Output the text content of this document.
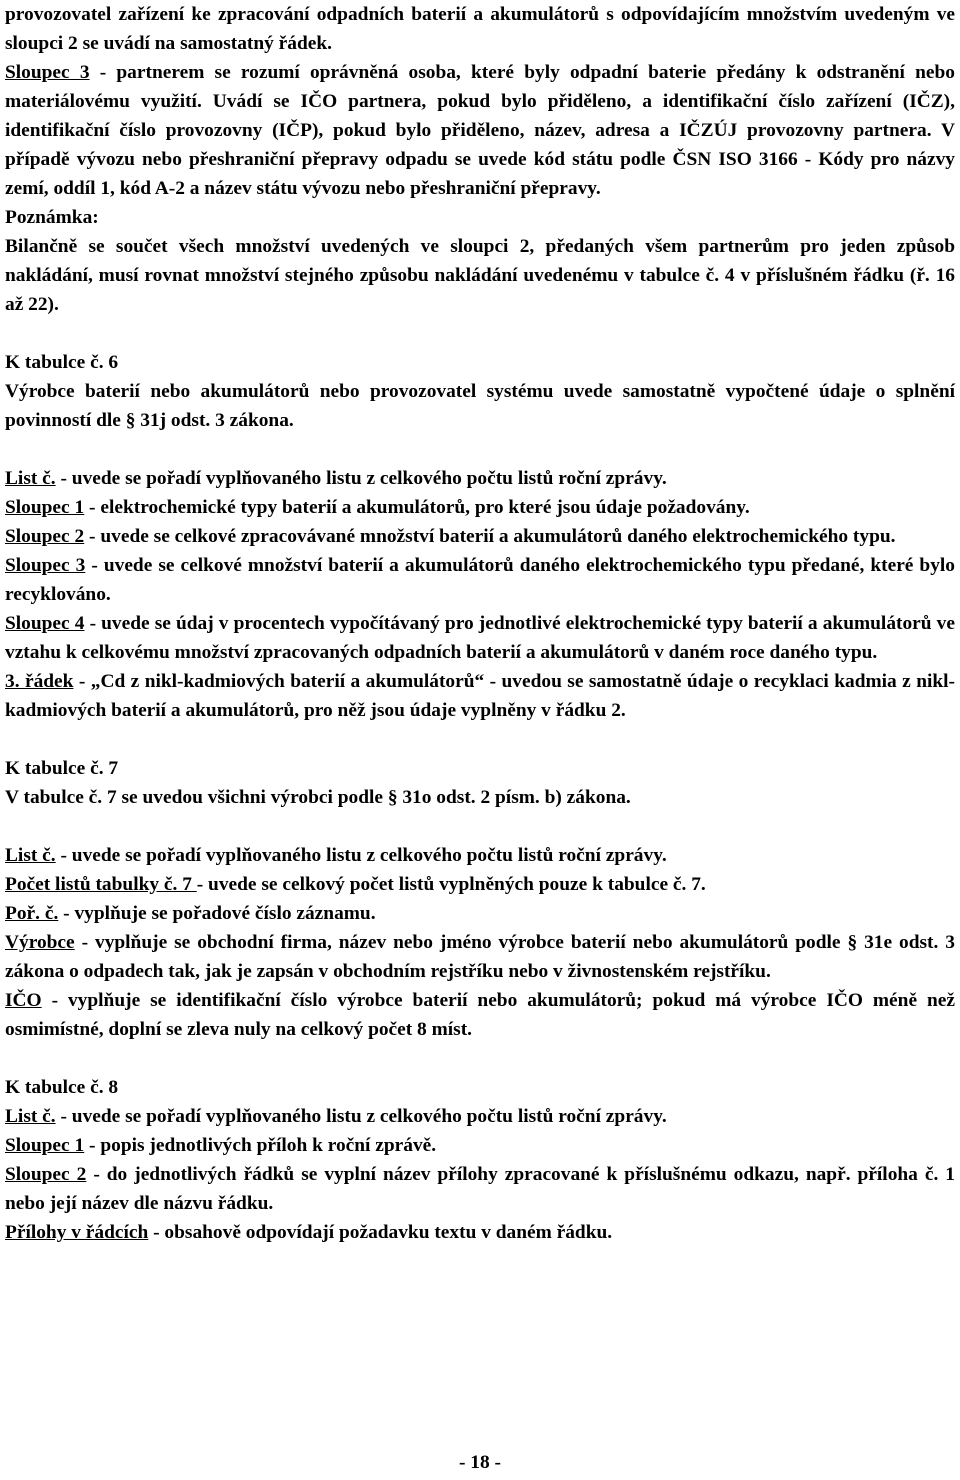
provozovatel zařízení ke zpracování odpadních baterií a akumulátorů s odpovídajícím množstvím uvedeným ve sloupci 2 se uvádí na samostatný řádek.

Sloupec 3 - partnerem se rozumí oprávněná osoba, které byly odpadní baterie předány k odstranění nebo materiálovému využití. Uvádí se IČO partnera, pokud bylo přiděleno, a identifikační číslo zařízení (IČZ), identifikační číslo provozovny (IČP), pokud bylo přiděleno, název, adresa a IČZÚJ provozovny partnera. V případě vývozu nebo přeshraniční přepravy odpadu se uvede kód státu podle ČSN ISO 3166 - Kódy pro názvy zemí, oddíl 1, kód A-2 a název státu vývozu nebo přeshraniční přepravy.

Poznámka:

Bilančně se součet všech množství uvedených ve sloupci 2, předaných všem partnerům pro jeden způsob nakládání, musí rovnat množství stejného způsobu nakládání uvedenému v tabulce č. 4 v příslušném řádku (ř. 16 až 22).

K tabulce č. 6

Výrobce baterií nebo akumulátorů nebo provozovatel systému uvede samostatně vypočtené údaje o splnění povinností dle § 31j odst. 3 zákona.

List č. - uvede se pořadí vyplňovaného listu z celkového počtu listů roční zprávy.

Sloupec 1 - elektrochemické typy baterií a akumulátorů, pro které jsou údaje požadovány.

Sloupec 2 - uvede se celkové zpracovávané množství baterií a akumulátorů daného elektrochemického typu.

Sloupec 3 - uvede se celkové množství baterií a akumulátorů daného elektrochemického typu předané, které bylo recyklováno.

Sloupec 4 - uvede se údaj v procentech vypočítávaný pro jednotlivé elektrochemické typy baterií a akumulátorů ve vztahu k celkovému množství zpracovaných odpadních baterií a akumulátorů v daném roce daného typu.

3. řádek - „Cd z nikl-kadmiových baterií a akumulátorů“ - uvedou se samostatně údaje o recyklaci kadmia z nikl-kadmiových baterií a akumulátorů, pro něž jsou údaje vyplněny v řádku 2.

K tabulce č. 7

V tabulce č. 7 se uvedou všichni výrobci podle § 31o odst. 2 písm. b) zákona.

List č. - uvede se pořadí vyplňovaného listu z celkového počtu listů roční zprávy.

Počet listů tabulky č. 7 - uvede se celkový počet listů vyplněných pouze k tabulce č. 7.

Poř. č. - vyplňuje se pořadové číslo záznamu.

Výrobce - vyplňuje se obchodní firma, název nebo jméno výrobce baterií nebo akumulátorů podle § 31e odst. 3 zákona o odpadech tak, jak je zapsán v obchodním rejstříku nebo v živnostenském rejstříku.

IČO - vyplňuje se identifikační číslo výrobce baterií nebo akumulátorů; pokud má výrobce IČO méně než osmimístné, doplní se zleva nuly na celkový počet 8 míst.

K tabulce č. 8

List č. - uvede se pořadí vyplňovaného listu z celkového počtu listů roční zprávy.

Sloupec 1 - popis jednotlivých příloh k roční zprávě.

Sloupec 2 - do jednotlivých řádků se vyplní název přílohy zpracované k příslušnému odkazu, např. příloha č. 1 nebo její název dle názvu řádku.

Přílohy v řádcích - obsahově odpovídají požadavku textu v daném řádku.

- 18 -
